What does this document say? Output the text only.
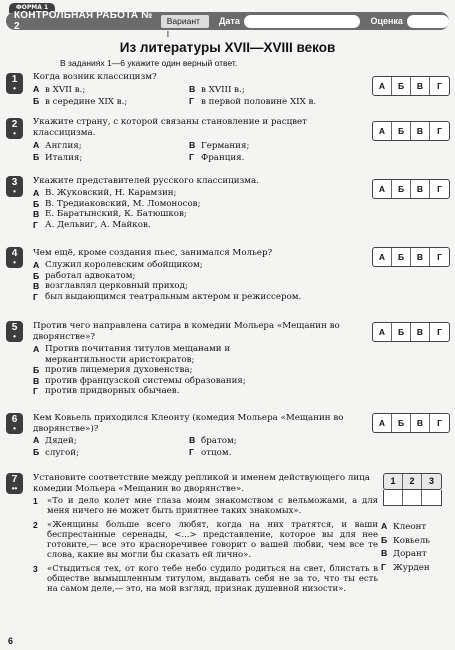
ФОРМА 1
КОНТРОЛЬНАЯ РАБОТА № 2
Вариант I
Дата	Оценка
Из литературы XVII—XVIII веков
В заданиях 1—6 укажите один верный ответ.
1
•
Когда возник классицизм?
А в XVII в.;	В в XVIII в.;
Б в середине XIX в.;	Г в первой половине XIX в.
А	Б	В	Г
2
•
Укажите страну, с которой связаны становление и расцвет классицизма.
А Англия;	В Германия;
Б Италия;	Г Франция.
А	Б	В	Г
3
•
Укажите представителей русского классицизма.
А В. Жуковский, Н. Карамзин;
Б В. Тредиаковский, М. Ломоносов;
В Е. Баратынский, К. Батюшков;
Г А. Дельвиг, А. Майков.
А	Б	В	Г
4
•
Чем ещё, кроме создания пьес, занимался Мольер?
А Служил королевским обойщиком;
Б работал адвокатом;
В возглавлял церковный приход;
Г был выдающимся театральным актером и режиссером.
А	Б	В	Г
5
•
Против чего направлена сатира в комедии Мольера «Мещанин во дворянстве»?
А Против почитания титулов мещанами и меркантильности аристократов;
Б против лицемерия духовенства;
В против французской системы образования;
Г против придворных обычаев.
А	Б	В	Г
6
•
Кем Ковьель приходился Клеонту (комедия Мольера «Мещанин во дворянстве»)?
А Дядей;	В братом;
Б слугой;	Г отцом.
А	Б	В	Г
7
••
Установите соответствие между репликой и именем действующего лица комедии Мольера «Мещанин во дворянстве».
1	«То и дело колет мне глаза моим знакомством с вельможами, а для меня ничего не может быть приятнее таких знакомых».
2	«Женщины больше всего любят, когда на них тратятся, и ваши беспрестанные серенады, <...> представление, которое вы для нее готовите,— все это красноречивее говорит о вашей любви, чем все те слова, какие вы могли бы сказать ей лично».
3	«Стыдиться тех, от кого тебе небо судило родиться на свет, блистать в обществе вымышленным титулом, выдавать себя не за то, что ты есть на самом деле,— это, на мой взгляд, признак душевной низости».
1	2	3
А Клеонт
Б Ковьель
В Дорант
Г Журден
6
